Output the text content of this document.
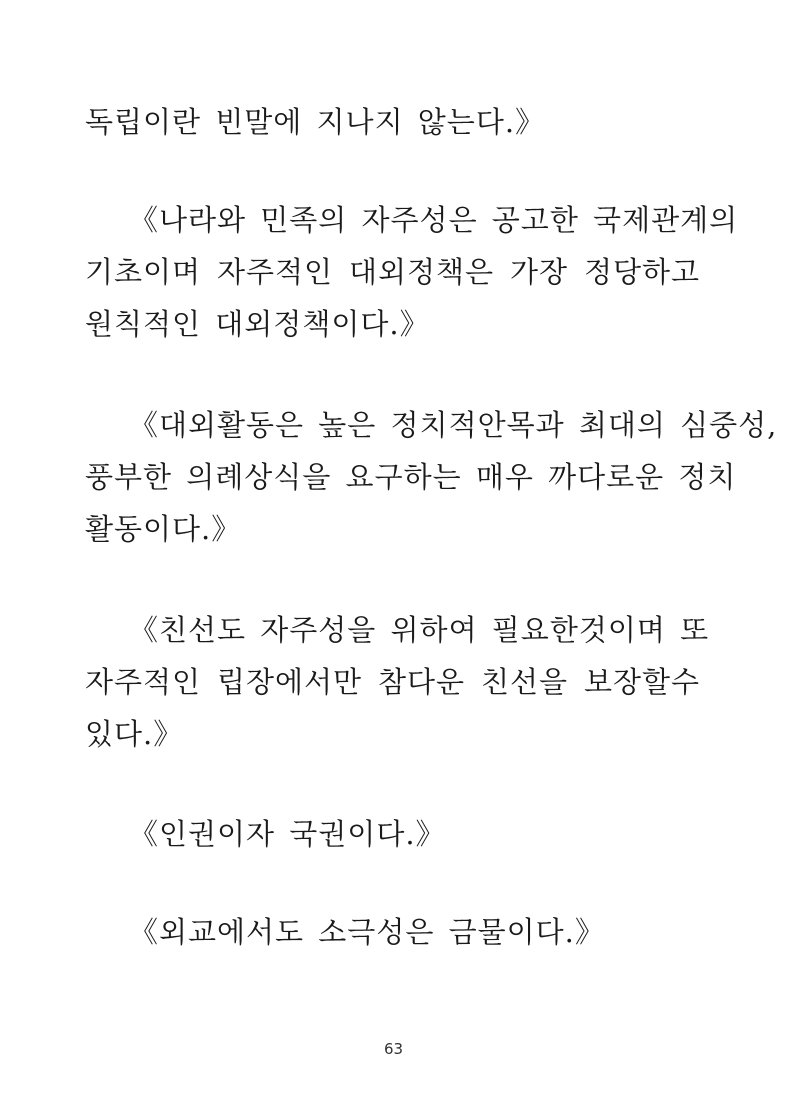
독립이란 빈말에 지나지 않는다.》

《나라와 민족의 자주성은 공고한 국제관계의
기초이며 자주적인 대외정책은 가장 정당하고
원칙적인 대외정책이다.》

《대외활동은 높은 정치적안목과 최대의 심중성,
풍부한 의례상식을 요구하는 매우 까다로운 정치
활동이다.》

《친선도 자주성을 위하여 필요한것이며 또
자주적인 립장에서만 참다운 친선을 보장할수
있다.》

《인권이자 국권이다.》

《외교에서도 소극성은 금물이다.》

63
